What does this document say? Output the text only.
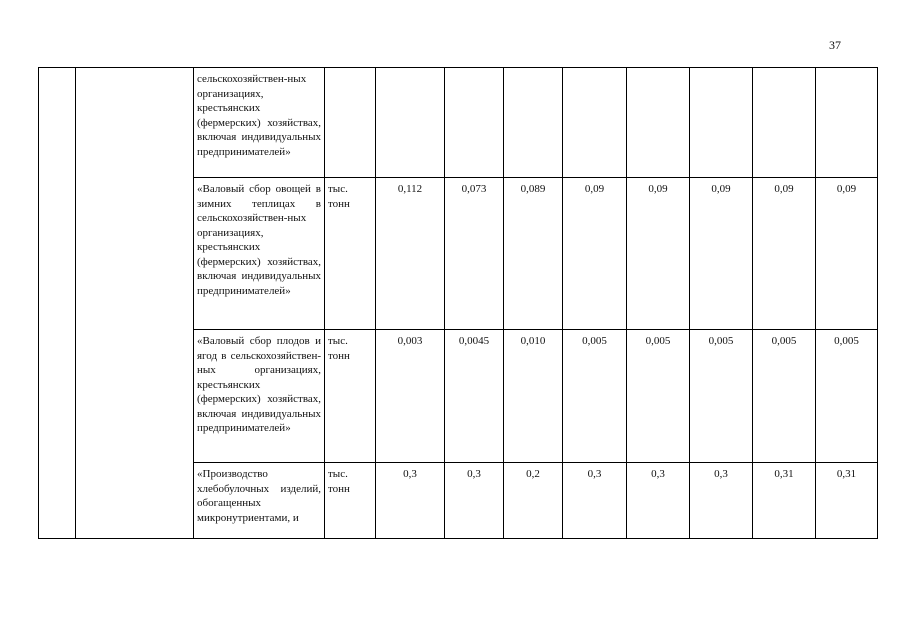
37
		сельскохозяйствен-ных организациях, крестьянских (фермерских) хозяйствах, включая индивидуальных предпринимателей»									
		«Валовый сбор овощей в зимних теплицах в сельскохозяйствен-ных организациях, крестьянских (фермерских) хозяйствах, включая индивидуальных предпринимателей»	тыс. тонн	0,112	0,073	0,089	0,09	0,09	0,09	0,09	0,09
		«Валовый сбор плодов и ягод в сельскохозяйствен-ных организациях, крестьянских (фермерских) хозяйствах, включая индивидуальных предпринимателей»	тыс. тонн	0,003	0,0045	0,010	0,005	0,005	0,005	0,005	0,005
		«Производство хлебобулочных изделий, обогащенных микронутриентами, и	тыс. тонн	0,3	0,3	0,2	0,3	0,3	0,3	0,31	0,31
